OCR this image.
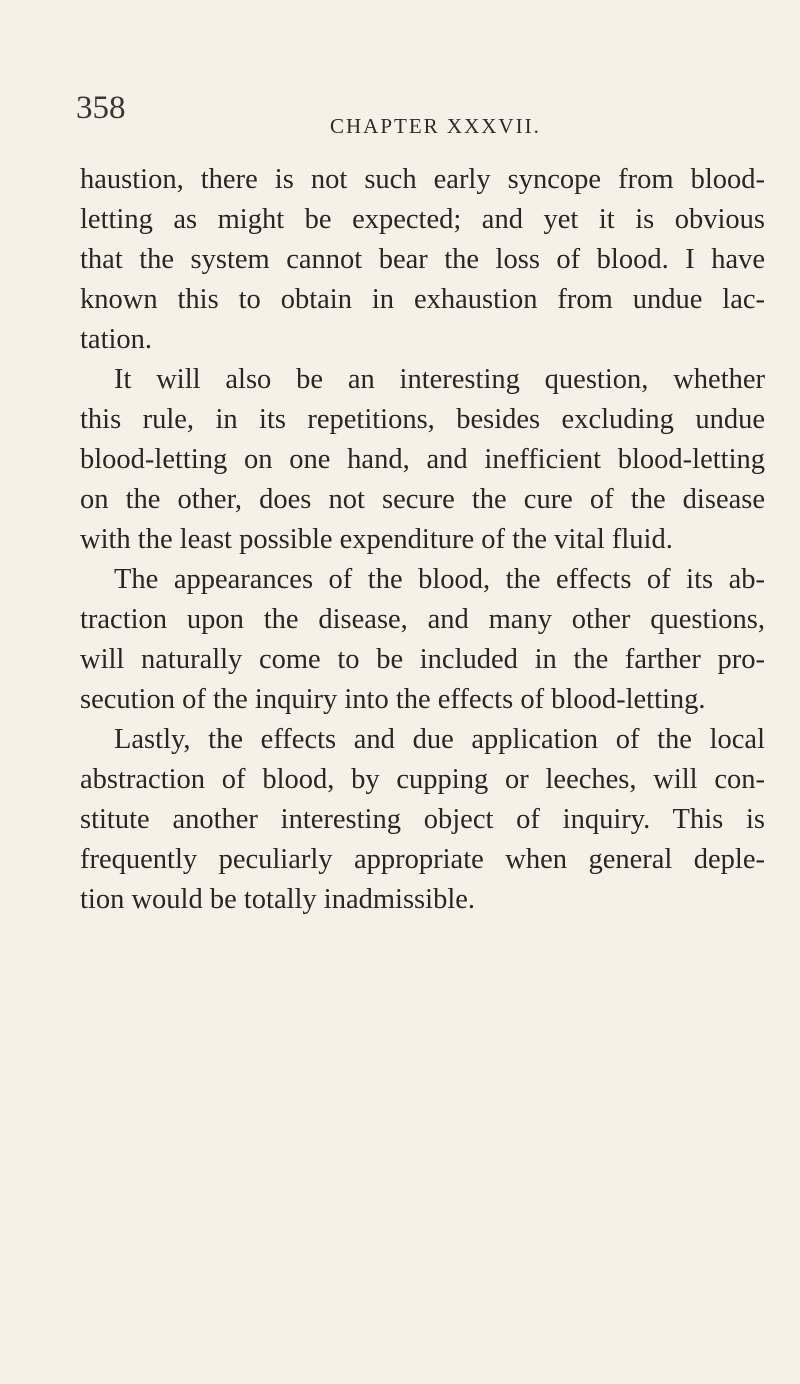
358	CHAPTER XXXVII.
haustion, there is not such early syncope from blood-
letting as might be expected; and yet it is obvious
that the system cannot bear the loss of blood. I have
known this to obtain in exhaustion from undue lac-
tation.
It will also be an interesting question, whether
this rule, in its repetitions, besides excluding undue
blood-letting on one hand, and inefficient blood-letting
on the other, does not secure the cure of the disease
with the least possible expenditure of the vital fluid.
The appearances of the blood, the effects of its ab-
traction upon the disease, and many other questions,
will naturally come to be included in the farther pro-
secution of the inquiry into the effects of blood-letting.
Lastly, the effects and due application of the local
abstraction of blood, by cupping or leeches, will con-
stitute another interesting object of inquiry. This is
frequently peculiarly appropriate when general deple-
tion would be totally inadmissible.
